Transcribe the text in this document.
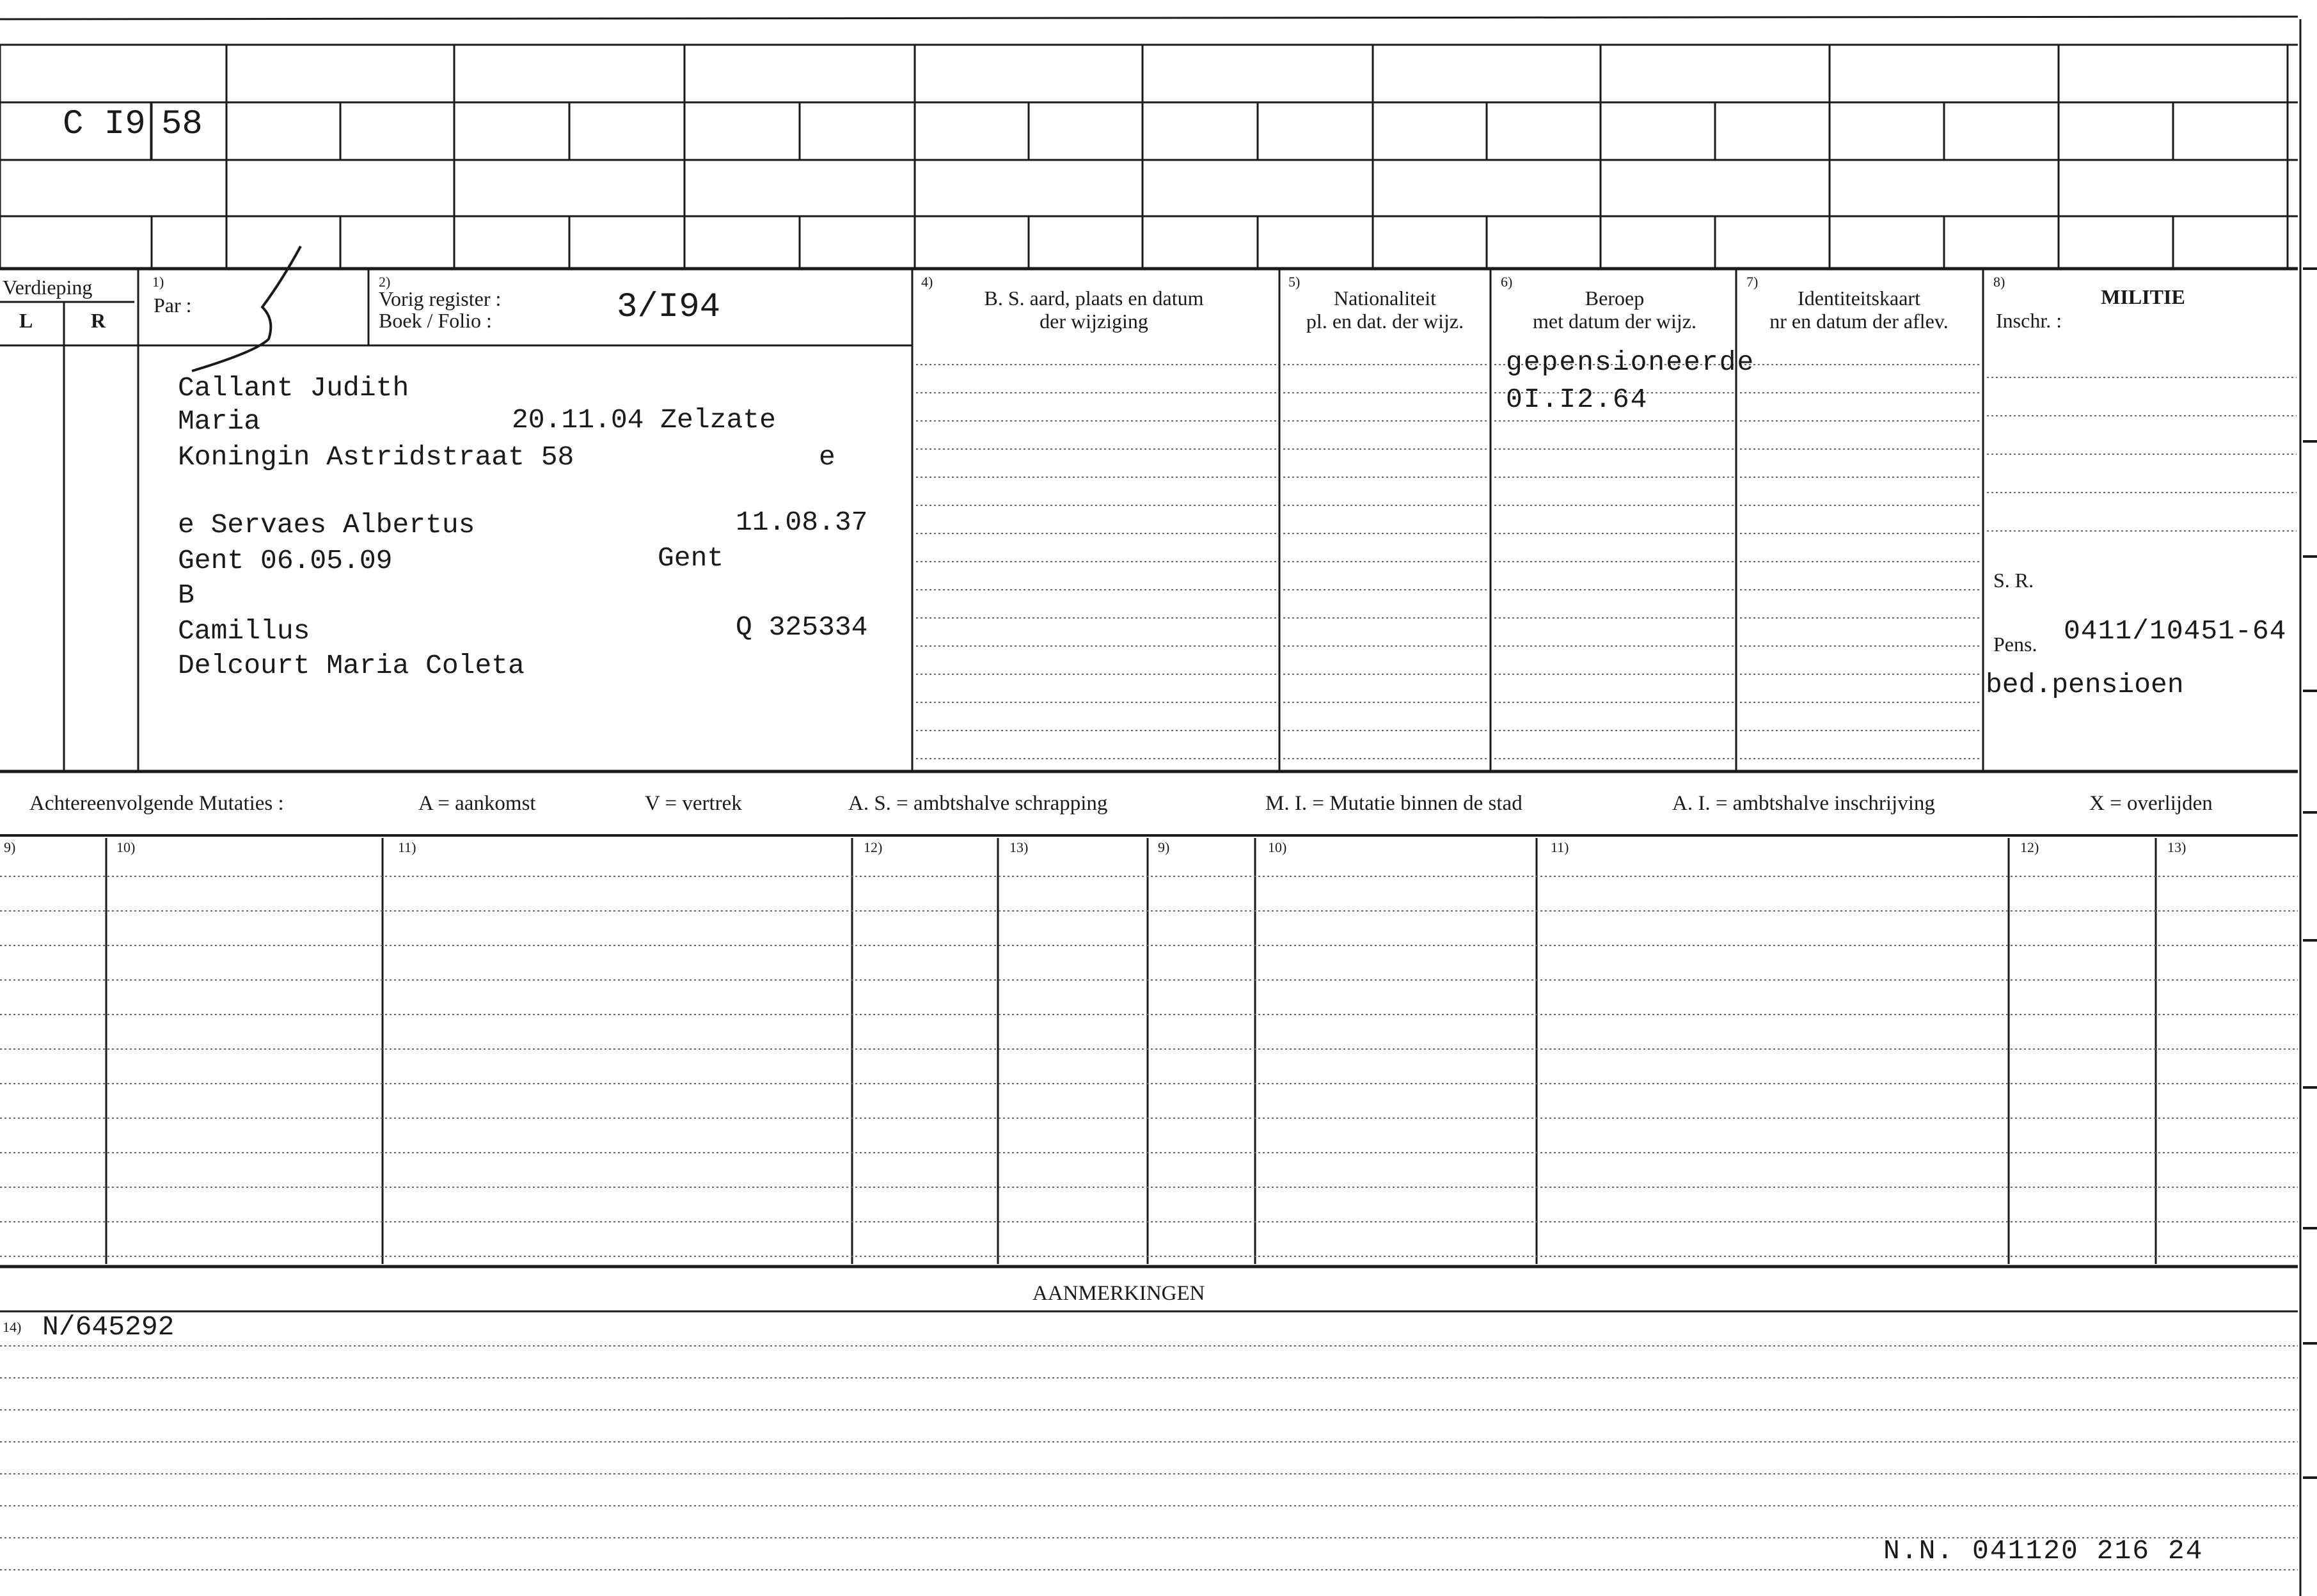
C I9 58
Verdieping
L	R
1)
Par :
2)
Vorig register :
Boek / Folio :	3/I94
4)
B. S. aard, plaats en datum
der wijziging
5)
Nationaliteit
pl. en dat. der wijz.
6)
Beroep
met datum der wijz.
7)
Identiteitskaart
nr en datum der aflev.
8)
MILITIE
Inschr. :
Callant Judith
Maria	20.11.04 Zelzate
Koningin Astridstraat 58	e
e Servaes Albertus	11.08.37
Gent 06.05.09	Gent
B
Camillus	Q 325334
Delcourt Maria Coleta
gepensioneerde
0I.I2.64
S. R.
Pens. 0411/10451-64
bed.pensioen
Achtereenvolgende Mutaties :	A = aankomst	V = vertrek	A. S. = ambtshalve schrapping	M. I. = Mutatie binnen de stad	A. I. = ambtshalve inschrijving	X = overlijden
9)	10)	11)	12)	13)	9)	10)	11)	12)	13)
AANMERKINGEN
14) N/645292
N.N. 041120 216 24
